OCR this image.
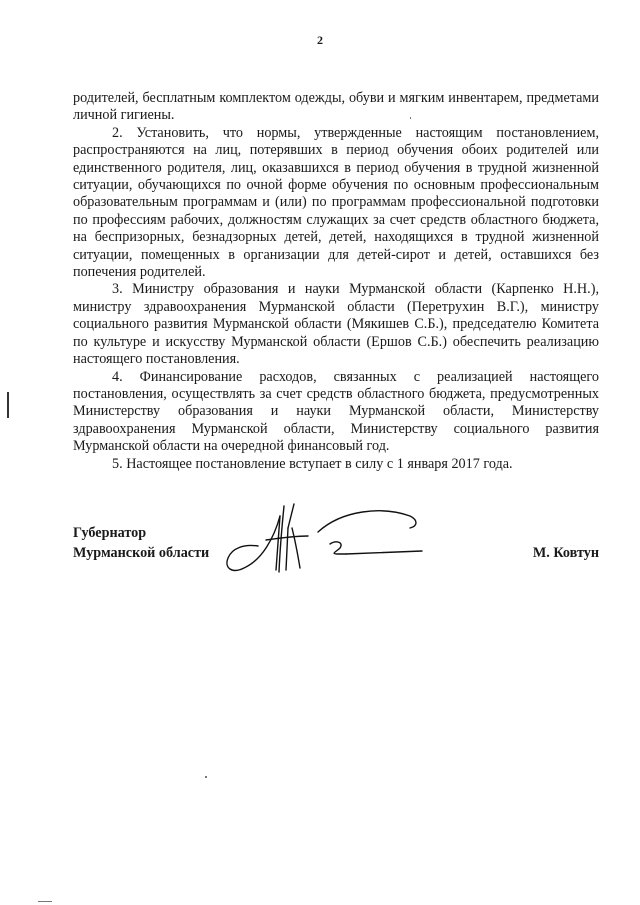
2

родителей, бесплатным комплектом одежды, обуви и мягким инвентарем, предметами личной гигиены.

2. Установить, что нормы, утвержденные настоящим постановлением, распространяются на лиц, потерявших в период обучения обоих родителей или единственного родителя, лиц, оказавшихся в период обучения в трудной жизненной ситуации, обучающихся по очной форме обучения по основным профессиональным образовательным программам и (или) по программам профессиональной подготовки по профессиям рабочих, должностям служащих за счет средств областного бюджета, на беспризорных, безнадзорных детей, детей, находящихся в трудной жизненной ситуации, помещенных в организации для детей-сирот и детей, оставшихся без попечения родителей.

3. Министру образования и науки Мурманской области (Карпенко Н.Н.), министру здравоохранения Мурманской области (Перетрухин В.Г.), министру социального развития Мурманской области (Мякишев С.Б.), председателю Комитета по культуре и искусству Мурманской области (Ершов С.Б.) обеспечить реализацию настоящего постановления.

4. Финансирование расходов, связанных с реализацией настоящего постановления, осуществлять за счет средств областного бюджета, предусмотренных Министерству образования и науки Мурманской области, Министерству здравоохранения Мурманской области, Министерству социального развития Мурманской области на очередной финансовый год.

5. Настоящее постановление вступает в силу с 1 января 2017 года.

Губернатор
Мурманской области	М. Ковтун
